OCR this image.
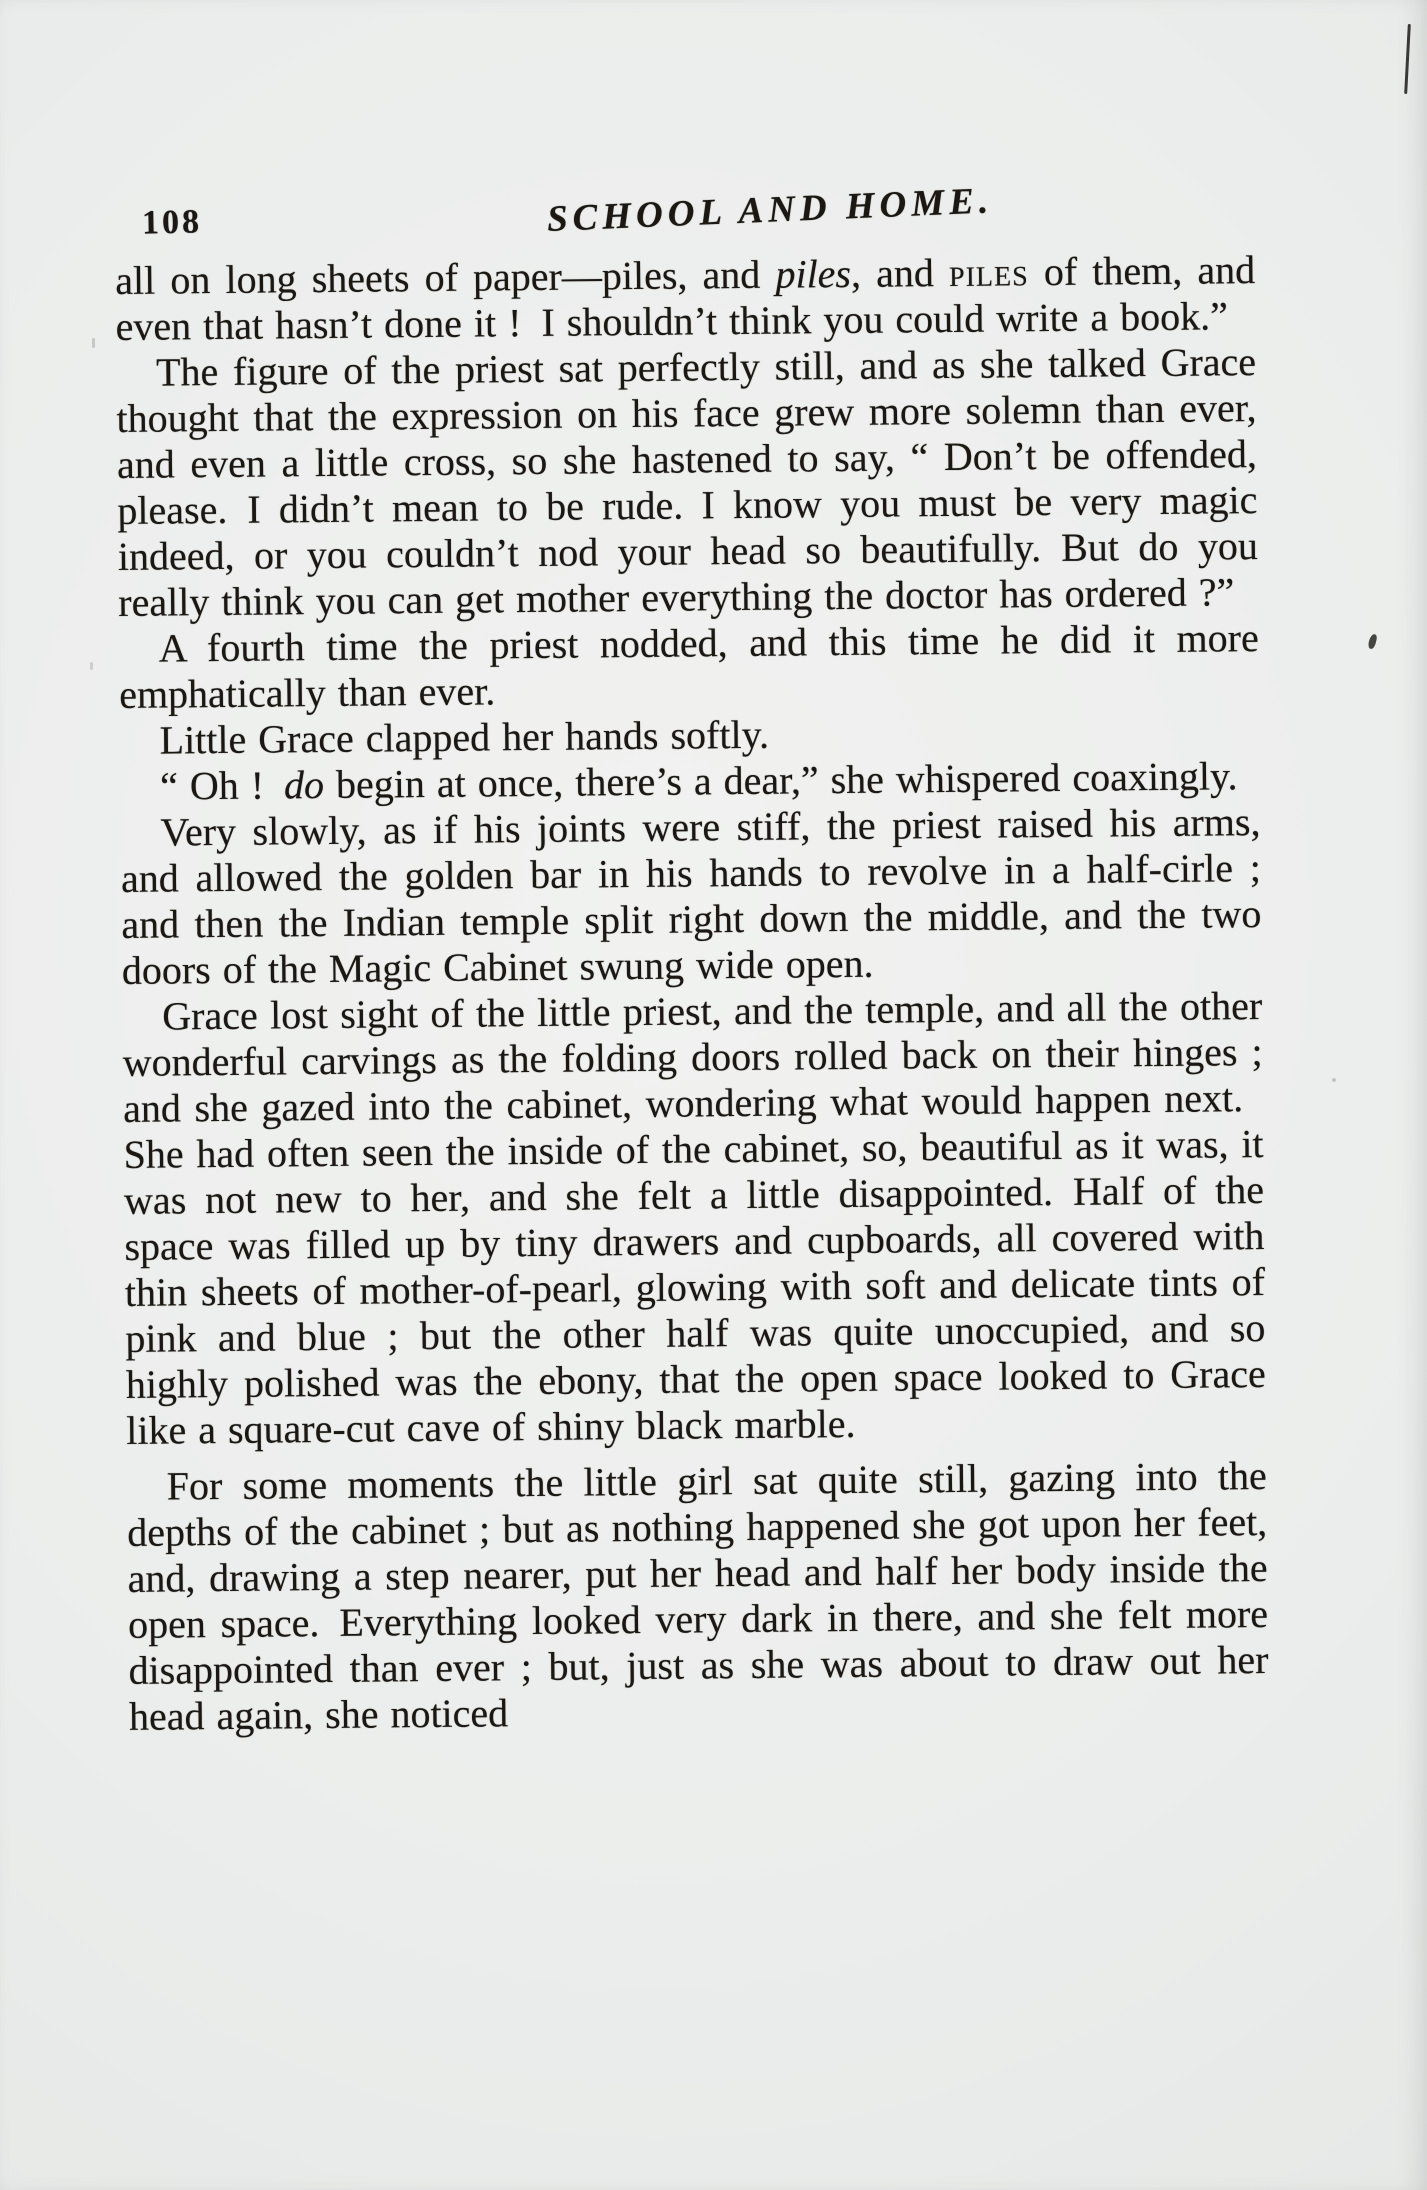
108	SCHOOL AND HOME.

all on long sheets of paper—piles, and piles, and piles of them, and even that hasn’t done it ! I shouldn’t think you could write a book.”

The figure of the priest sat perfectly still, and as she talked Grace thought that the expression on his face grew more solemn than ever, and even a little cross, so she hastened to say, “ Don’t be offended, please. I didn’t mean to be rude. I know you must be very magic indeed, or you couldn’t nod your head so beautifully. But do you really think you can get mother everything the doctor has ordered ?”

A fourth time the priest nodded, and this time he did it more emphatically than ever.

Little Grace clapped her hands softly.

“ Oh ! do begin at once, there’s a dear,” she whispered coaxingly.

Very slowly, as if his joints were stiff, the priest raised his arms, and allowed the golden bar in his hands to revolve in a half-cirle ; and then the Indian temple split right down the middle, and the two doors of the Magic Cabinet swung wide open.

Grace lost sight of the little priest, and the temple, and all the other wonderful carvings as the folding doors rolled back on their hinges ; and she gazed into the cabinet, wondering what would happen next. She had often seen the inside of the cabinet, so, beautiful as it was, it was not new to her, and she felt a little disappointed. Half of the space was filled up by tiny drawers and cupboards, all covered with thin sheets of mother-of-pearl, glowing with soft and delicate tints of pink and blue ; but the other half was quite unoccupied, and so highly polished was the ebony, that the open space looked to Grace like a square-cut cave of shiny black marble.

For some moments the little girl sat quite still, gazing into the depths of the cabinet ; but as nothing happened she got upon her feet, and, drawing a step nearer, put her head and half her body inside the open space. Everything looked very dark in there, and she felt more disappointed than ever ; but, just as she was about to draw out her head again, she noticed
